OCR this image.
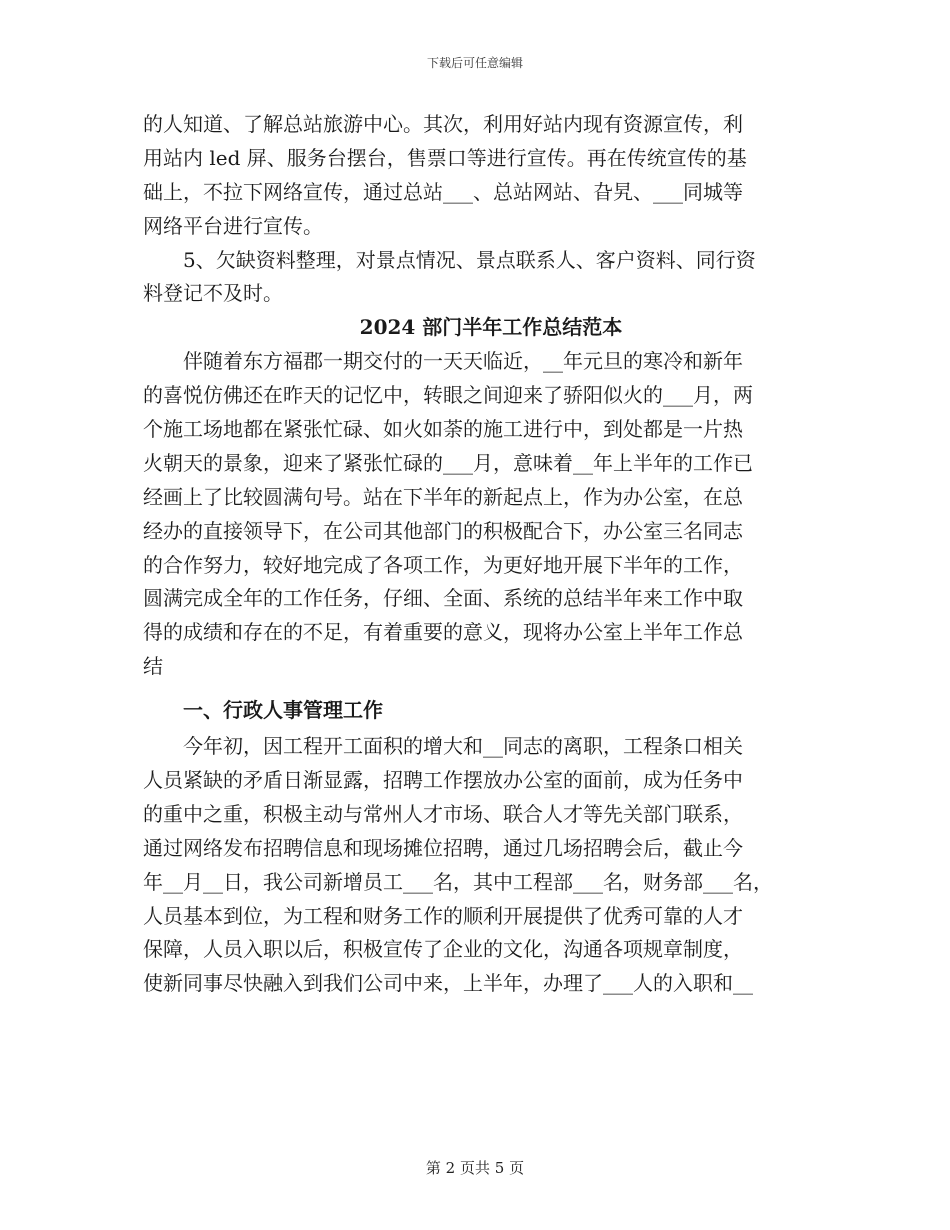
下载后可任意编辑
的人知道、了解总站旅游中心。其次，利用好站内现有资源宣传，利
用站内 led 屏、服务台摆台，售票口等进行宣传。再在传统宣传的基
础上，不拉下网络宣传，通过总站___、总站网站、旮旯、___同城等
网络平台进行宣传。
　　5、欠缺资料整理，对景点情况、景点联系人、客户资料、同行资
料登记不及时。
2024 部门半年工作总结范本
　　伴随着东方福郡一期交付的一天天临近，__年元旦的寒冷和新年
的喜悦仿佛还在昨天的记忆中，转眼之间迎来了骄阳似火的___月，两
个施工场地都在紧张忙碌、如火如荼的施工进行中，到处都是一片热
火朝天的景象，迎来了紧张忙碌的___月，意味着__年上半年的工作已
经画上了比较圆满句号。站在下半年的新起点上，作为办公室，在总
经办的直接领导下，在公司其他部门的积极配合下，办公室三名同志
的合作努力，较好地完成了各项工作，为更好地开展下半年的工作，
圆满完成全年的工作任务，仔细、全面、系统的总结半年来工作中取
得的成绩和存在的不足，有着重要的意义，现将办公室上半年工作总
结
一、行政人事管理工作
　　今年初，因工程开工面积的增大和__同志的离职，工程条口相关
人员紧缺的矛盾日渐显露，招聘工作摆放办公室的面前，成为任务中
的重中之重，积极主动与常州人才市场、联合人才等先关部门联系，
通过网络发布招聘信息和现场摊位招聘，通过几场招聘会后，截止今
年__月__日，我公司新增员工___名，其中工程部___名，财务部___名，
人员基本到位，为工程和财务工作的顺利开展提供了优秀可靠的人才
保障，人员入职以后，积极宣传了企业的文化，沟通各项规章制度，
使新同事尽快融入到我们公司中来，上半年，办理了___人的入职和__
第 2 页共 5 页
